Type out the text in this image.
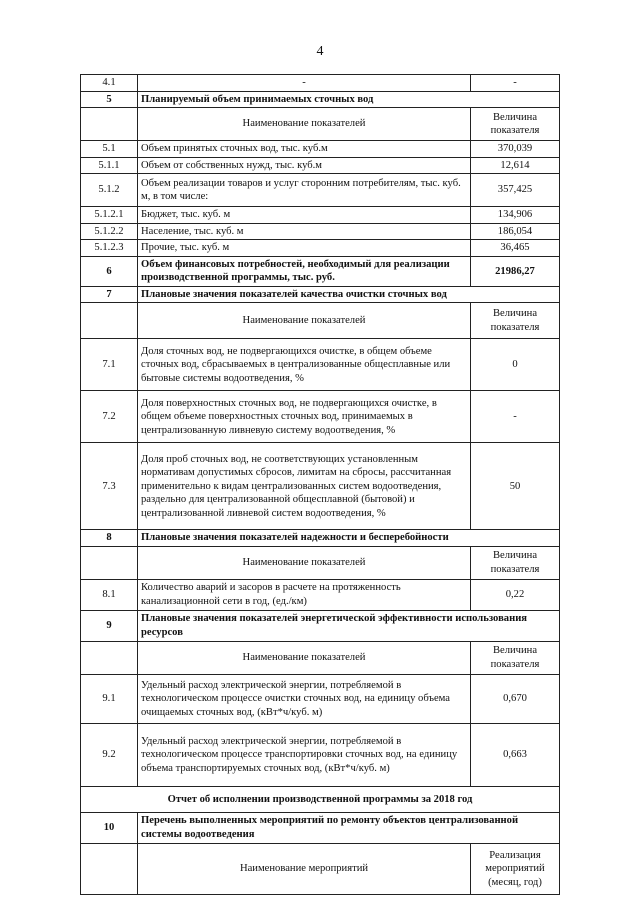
4
4.1	-	-
5	Планируемый объем принимаемых сточных вод	
	Наименование показателей	Величина показателя
5.1	Объем принятых сточных вод, тыс. куб.м	370,039
5.1.1	Объем от собственных нужд, тыс. куб.м	12,614
5.1.2	Объем реализации товаров и услуг сторонним потребителям, тыс. куб. м, в том числе:	357,425
5.1.2.1	Бюджет, тыс. куб. м	134,906
5.1.2.2	Население, тыс. куб. м	186,054
5.1.2.3	Прочие, тыс. куб. м	36,465
6	Объем финансовых потребностей, необходимый для реализации производственной программы, тыс. руб.	21986,27
7	Плановые значения показателей качества очистки сточных вод	
	Наименование показателей	Величина показателя
7.1	Доля сточных вод, не подвергающихся очистке, в общем объеме сточных вод, сбрасываемых в централизованные общесплавные или бытовые системы водоотведения, %	0
7.2	Доля поверхностных сточных вод, не подвергающихся очистке, в общем объеме поверхностных сточных вод, принимаемых в централизованную ливневую систему водоотведения, %	-
7.3	Доля проб сточных вод, не соответствующих установленным нормативам допустимых сбросов, лимитам на сбросы, рассчитанная применительно к видам централизованных систем водоотведения, раздельно для централизованной общесплавной (бытовой) и централизованной ливневой систем водоотведения, %	50
8	Плановые значения показателей надежности и бесперебойности	
	Наименование показателей	Величина показателя
8.1	Количество аварий и засоров в расчете на протяженность канализационной сети в год, (ед./км)	0,22
9	Плановые значения показателей энергетической эффективности использования ресурсов	
	Наименование показателей	Величина показателя
9.1	Удельный расход электрической энергии, потребляемой в технологическом процессе очистки сточных вод, на единицу объема очищаемых сточных вод, (кВт*ч/куб. м)	0,670
9.2	Удельный расход электрической энергии, потребляемой в технологическом процессе транспортировки сточных вод, на единицу объема транспортируемых сточных вод, (кВт*ч/куб. м)	0,663
Отчет об исполнении производственной программы за 2018 год		
10	Перечень выполненных мероприятий по ремонту объектов централизованной системы водоотведения	
	Наименование мероприятий	Реализация мероприятий (месяц, год)
